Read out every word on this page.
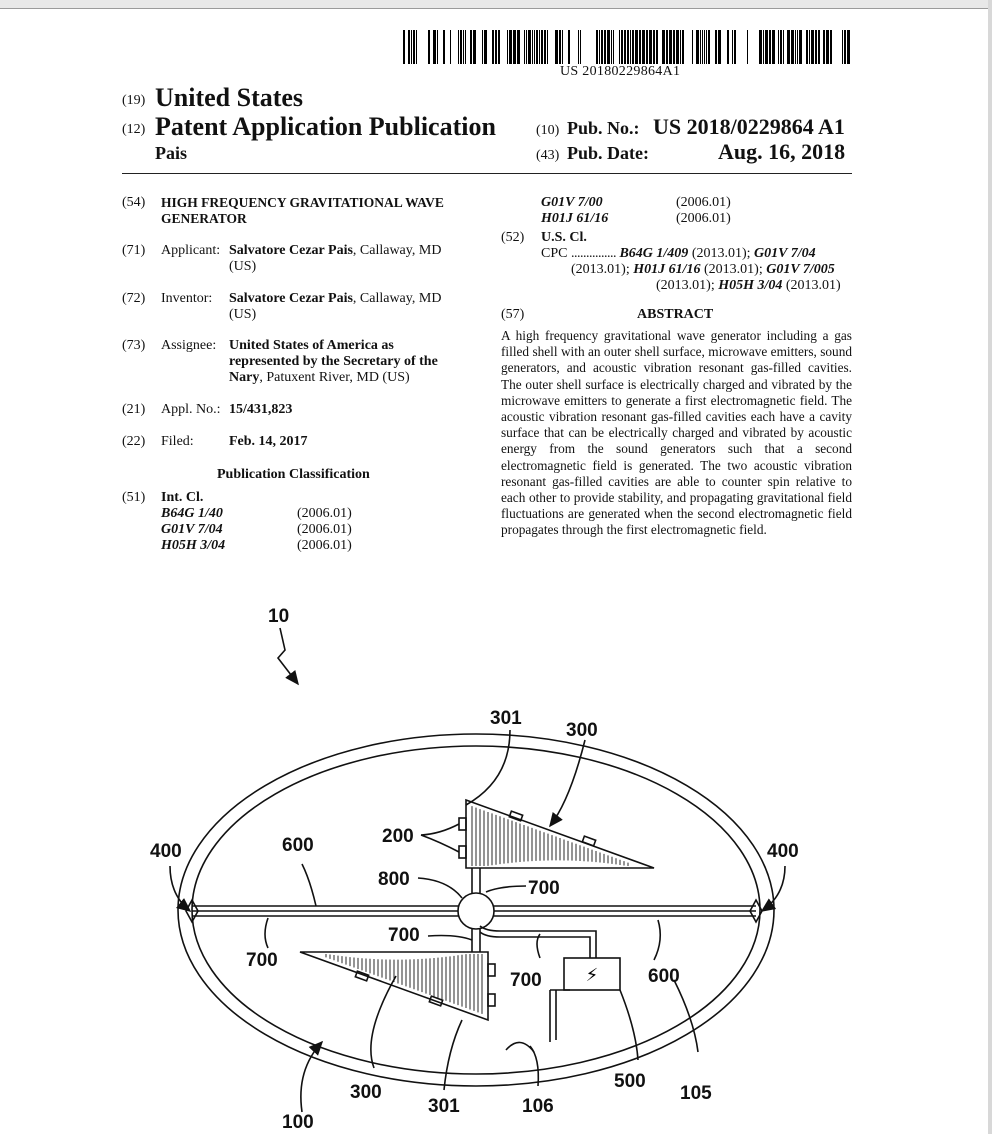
US 20180229864A1
(19) United States
(12) Patent Application Publication
Pais
(10) Pub. No.: US 2018/0229864 A1
(43) Pub. Date:	Aug. 16, 2018
(54) HIGH FREQUENCY GRAVITATIONAL WAVE
GENERATOR
(71) Applicant: Salvatore Cezar Pais, Callaway, MD
(US)
(72) Inventor: Salvatore Cezar Pais, Callaway, MD
(US)
(73) Assignee: United States of America as
represented by the Secretary of the
Nary, Patuxent River, MD (US)
(21) Appl. No.: 15/431,823
(22) Filed:	Feb. 14, 2017
Publication Classification
(51) Int. Cl.
B64G 1/40	(2006.01)
G01V 7/04	(2006.01)
H05H 3/04	(2006.01)
G01V 7/00	(2006.01)
H01J 61/16	(2006.01)
(52) U.S. Cl.
CPC ............... B64G 1/409 (2013.01); G01V 7/04
(2013.01); H01J 61/16 (2013.01); G01V 7/005
(2013.01); H05H 3/04 (2013.01)
(57)	ABSTRACT
A high frequency gravitational wave generator including a gas filled shell with an outer shell surface, microwave emitters, sound generators, and acoustic vibration resonant gas-filled cavities. The outer shell surface is electrically charged and vibrated by the microwave emitters to generate a first electromagnetic field. The acoustic vibration resonant gas-filled cavities each have a cavity surface that can be electrically charged and vibrated by acoustic energy from the sound generators such that a second electromagnetic field is generated. The two acoustic vibration resonant gas-filled cavities are able to counter spin relative to each other to provide stability, and propagating gravitational field fluctuations are generated when the second electromagnetic field propagates through the first electromagnetic field.
⚡
10
301
300
200
400	400
600
800	700
700
700
700	600
500
105
300
301	106
100
